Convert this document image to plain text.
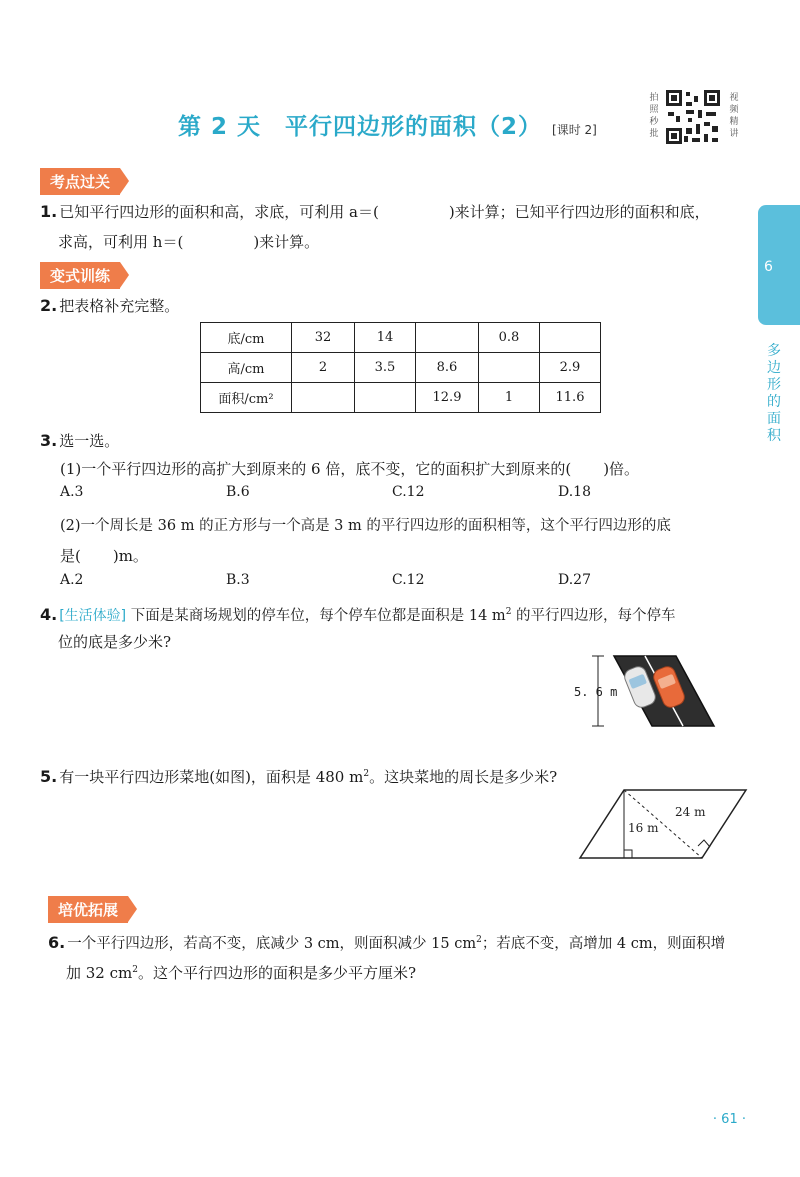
第 2 天 平行四边形的面积（2） [课时 2]
拍
照
秒
批
视
频
精
讲
6
多
边
形
的
面
积
考点过关
1. 已知平行四边形的面积和高，求底，可利用 a＝(	)来计算；已知平行四边形的面积和底，
求高，可利用 h＝(	)来计算。
变式训练
2. 把表格补充完整。
底/cm	32	14		0.8	
高/cm	2	3.5	8.6		2.9
面积/cm²			12.9	1	11.6
3. 选一选。
(1)一个平行四边形的高扩大到原来的 6 倍，底不变，它的面积扩大到原来的( )倍。
A.3	B.6	C.12	D.18
(2)一个周长是 36 m 的正方形与一个高是 3 m 的平行四边形的面积相等，这个平行四边形的底
是( )m。
A.2	B.3	C.12	D.27
4. [生活体验] 下面是某商场规划的停车位，每个停车位都是面积是 14 $m^2$ 的平行四边形，每个停车
位的底是多少米?
5. 6 m
5. 有一块平行四边形菜地(如图)，面积是 480 $m^2$。这块菜地的周长是多少米?
24 m
16 m
培优拓展
6. 一个平行四边形，若高不变，底减少 3 cm，则面积减少 15 $cm^2$；若底不变，高增加 4 cm，则面积增
加 32 $cm^2$。这个平行四边形的面积是多少平方厘米?
· 61 ·
